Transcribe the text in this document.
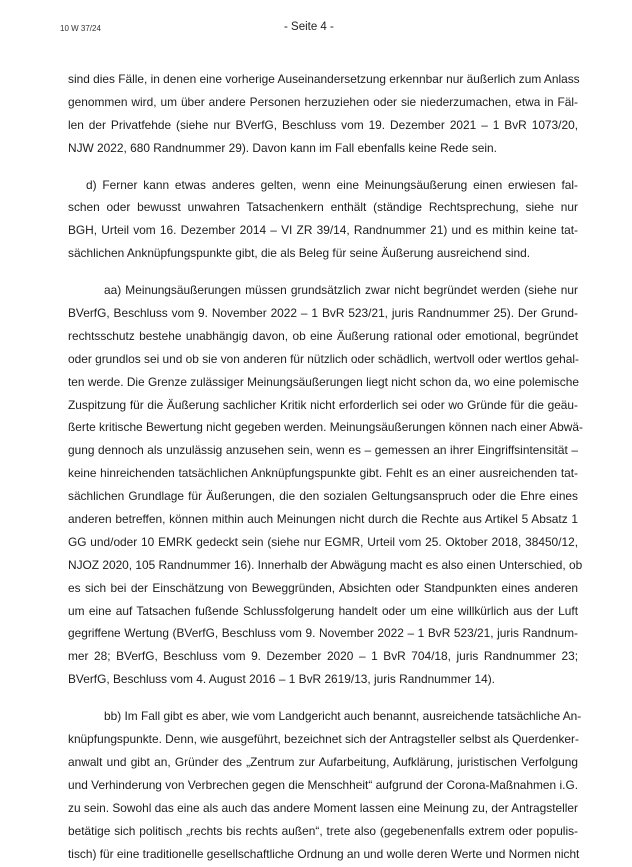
10 W 37/24	- Seite 4 -
sind dies Fälle, in denen eine vorherige Auseinandersetzung erkennbar nur äußerlich zum Anlass
genommen wird, um über andere Personen herzuziehen oder sie niederzumachen, etwa in Fäl-
len der Privatfehde (siehe nur BVerfG, Beschluss vom 19. Dezember 2021 – 1 BvR 1073/20,
NJW 2022, 680 Randnummer 29). Davon kann im Fall ebenfalls keine Rede sein.
d) Ferner kann etwas anderes gelten, wenn eine Meinungsäußerung einen erwiesen fal-
schen oder bewusst unwahren Tatsachenkern enthält (ständige Rechtsprechung, siehe nur
BGH, Urteil vom 16. Dezember 2014 – VI ZR 39/14, Randnummer 21) und es mithin keine tat-
sächlichen Anknüpfungspunkte gibt, die als Beleg für seine Äußerung ausreichend sind.
aa) Meinungsäußerungen müssen grundsätzlich zwar nicht begründet werden (siehe nur
BVerfG, Beschluss vom 9. November 2022 – 1 BvR 523/21, juris Randnummer 25). Der Grund-
rechtsschutz bestehe unabhängig davon, ob eine Äußerung rational oder emotional, begründet
oder grundlos sei und ob sie von anderen für nützlich oder schädlich, wertvoll oder wertlos gehal-
ten werde. Die Grenze zulässiger Meinungsäußerungen liegt nicht schon da, wo eine polemische
Zuspitzung für die Äußerung sachlicher Kritik nicht erforderlich sei oder wo Gründe für die geäu-
ßerte kritische Bewertung nicht gegeben werden. Meinungsäußerungen können nach einer Abwä-
gung dennoch als unzulässig anzusehen sein, wenn es – gemessen an ihrer Eingriffsintensität –
keine hinreichenden tatsächlichen Anknüpfungspunkte gibt. Fehlt es an einer ausreichenden tat-
sächlichen Grundlage für Äußerungen, die den sozialen Geltungsanspruch oder die Ehre eines
anderen betreffen, können mithin auch Meinungen nicht durch die Rechte aus Artikel 5 Absatz 1
GG und/oder 10 EMRK gedeckt sein (siehe nur EGMR, Urteil vom 25. Oktober 2018, 38450/12,
NJOZ 2020, 105 Randnummer 16). Innerhalb der Abwägung macht es also einen Unterschied, ob
es sich bei der Einschätzung von Beweggründen, Absichten oder Standpunkten eines anderen
um eine auf Tatsachen fußende Schlussfolgerung handelt oder um eine willkürlich aus der Luft
gegriffene Wertung (BVerfG, Beschluss vom 9. November 2022 – 1 BvR 523/21, juris Randnum-
mer 28; BVerfG, Beschluss vom 9. Dezember 2020 – 1 BvR 704/18, juris Randnummer 23;
BVerfG, Beschluss vom 4. August 2016 – 1 BvR 2619/13, juris Randnummer 14).
bb) Im Fall gibt es aber, wie vom Landgericht auch benannt, ausreichende tatsächliche An-
knüpfungspunkte. Denn, wie ausgeführt, bezeichnet sich der Antragsteller selbst als Querdenker-
anwalt und gibt an, Gründer des „Zentrum zur Aufarbeitung, Aufklärung, juristischen Verfolgung
und Verhinderung von Verbrechen gegen die Menschheit“ aufgrund der Corona-Maßnahmen i.G.
zu sein. Sowohl das eine als auch das andere Moment lassen eine Meinung zu, der Antragsteller
betätige sich politisch „rechts bis rechts außen“, trete also (gegebenenfalls extrem oder populis-
tisch) für eine traditionelle gesellschaftliche Ordnung an und wolle deren Werte und Normen nicht
